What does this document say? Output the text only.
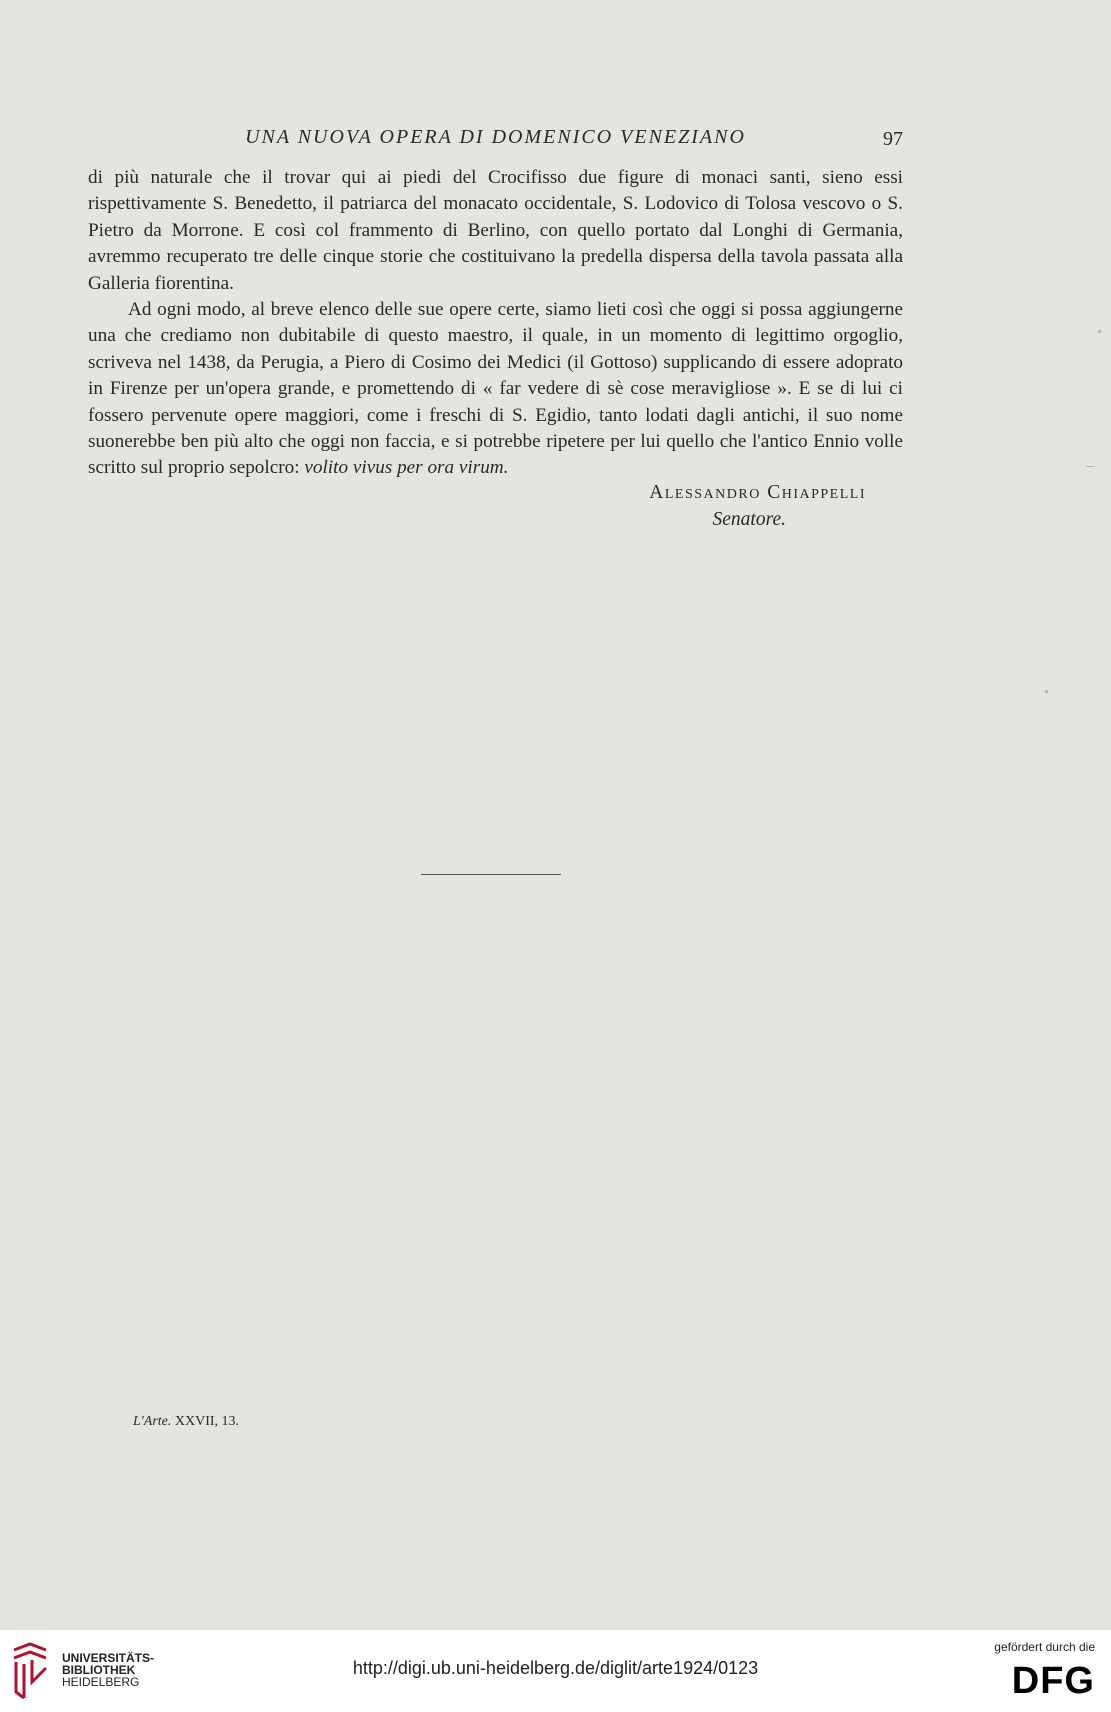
UNA NUOVA OPERA DI DOMENICO VENEZIANO	97

di più naturale che il trovar qui ai piedi del Crocifisso due figure di monaci santi, sieno essi rispettivamente S. Benedetto, il patriarca del monacato occidentale, S. Lodovico di Tolosa vescovo o S. Pietro da Morrone. E così col frammento di Berlino, con quello portato dal Longhi di Germania, avremmo recuperato tre delle cinque storie che costituivano la predella dispersa della tavola passata alla Galleria fiorentina.

Ad ogni modo, al breve elenco delle sue opere certe, siamo lieti così che oggi si possa aggiungerne una che crediamo non dubitabile di questo maestro, il quale, in un momento di legittimo orgoglio, scriveva nel 1438, da Perugia, a Piero di Cosimo dei Medici (il Gottoso) supplicando di essere adoprato in Firenze per un'opera grande, e promettendo di « far vedere di sè cose meravigliose ». E se di lui ci fossero pervenute opere maggiori, come i freschi di S. Egidio, tanto lodati dagli antichi, il suo nome suonerebbe ben più alto che oggi non faccia, e si potrebbe ripetere per lui quello che l'antico Ennio volle scritto sul proprio sepolcro: volito vivus per ora virum.

Alessandro Chiappelli
Senatore.
L'Arte. XXVII, 13.
UNIVERSITÄTS-
BIBLIOTHEK
HEIDELBERG
http://digi.ub.uni-heidelberg.de/diglit/arte1924/0123
gefördert durch die
DFG
